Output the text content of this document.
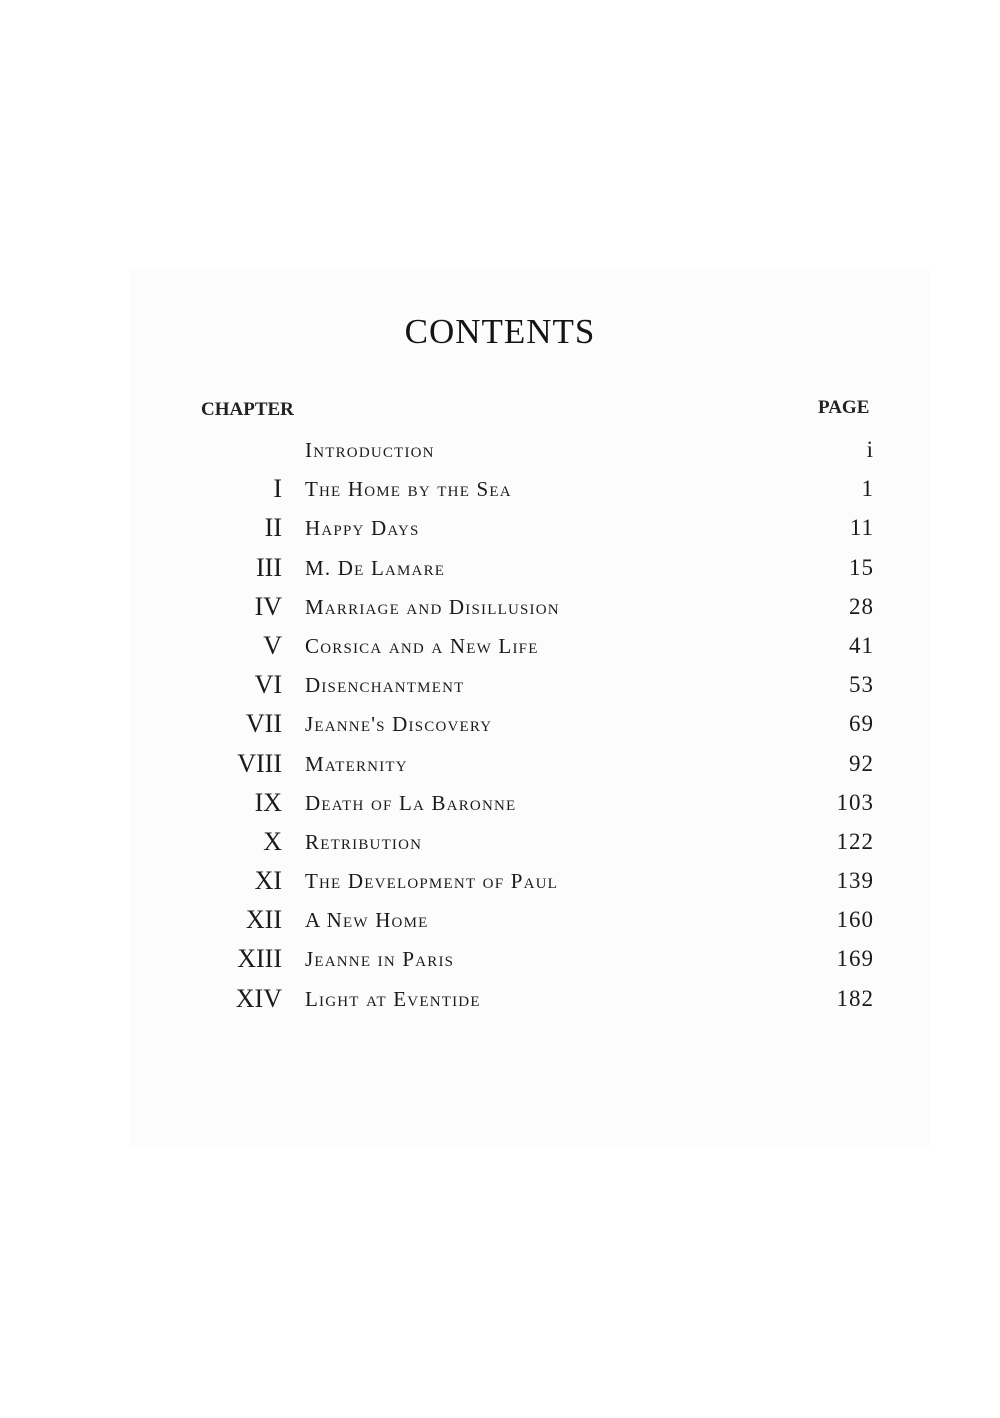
CONTENTS
CHAPTER	PAGE
Introduction	i
I The Home by the Sea	1
II Happy Days	11
III M. De Lamare	15
IV Marriage and Disillusion	28
V Corsica and a New Life	41
VI Disenchantment	53
VII Jeanne's Discovery	69
VIII Maternity	92
IX Death of La Baronne	103
X Retribution	122
XI The Development of Paul	139
XII A New Home	160
XIII Jeanne in Paris	169
XIV Light at Eventide	182
